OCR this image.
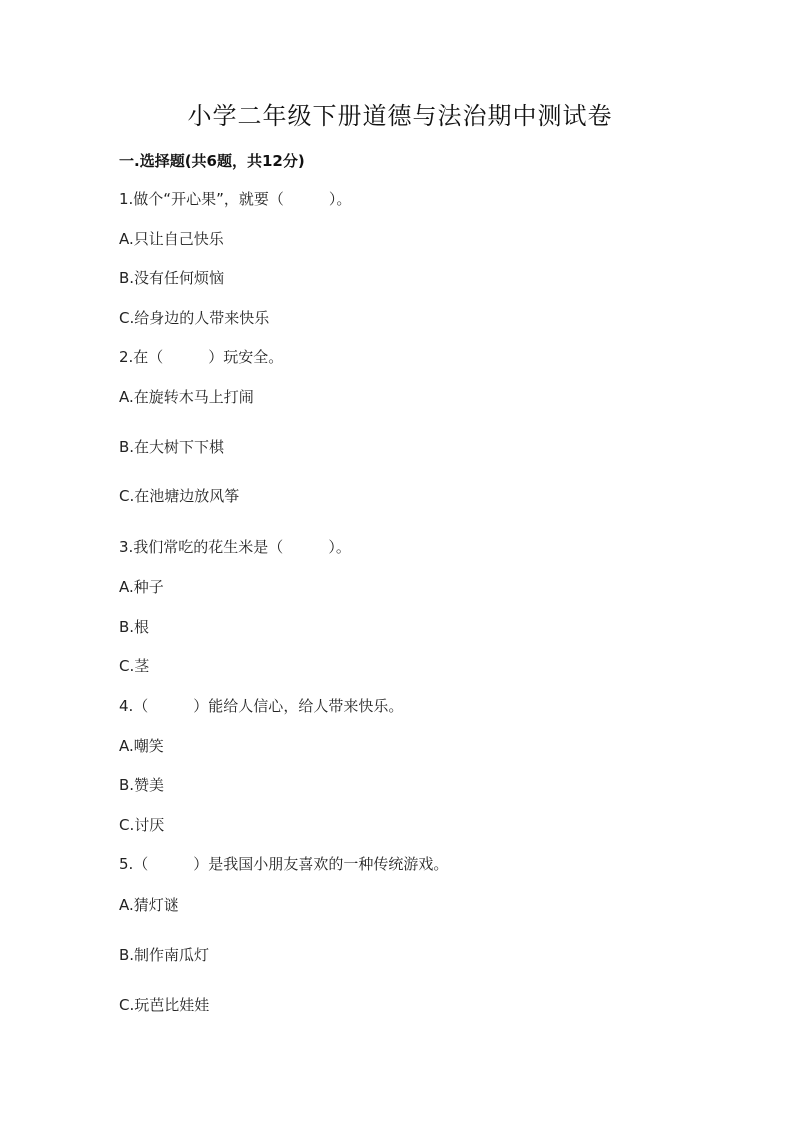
小学二年级下册道德与法治期中测试卷
一.选择题(共6题，共12分)
1.做个“开心果”，就要（　　　）。
A.只让自己快乐
B.没有任何烦恼
C.给身边的人带来快乐
2.在（　　　）玩安全。
A.在旋转木马上打闹
B.在大树下下棋
C.在池塘边放风筝
3.我们常吃的花生米是（　　　）。
A.种子
B.根
C.茎
4.（　　　）能给人信心，给人带来快乐。
A.嘲笑
B.赞美
C.讨厌
5.（　　　）是我国小朋友喜欢的一种传统游戏。
A.猜灯谜
B.制作南瓜灯
C.玩芭比娃娃
